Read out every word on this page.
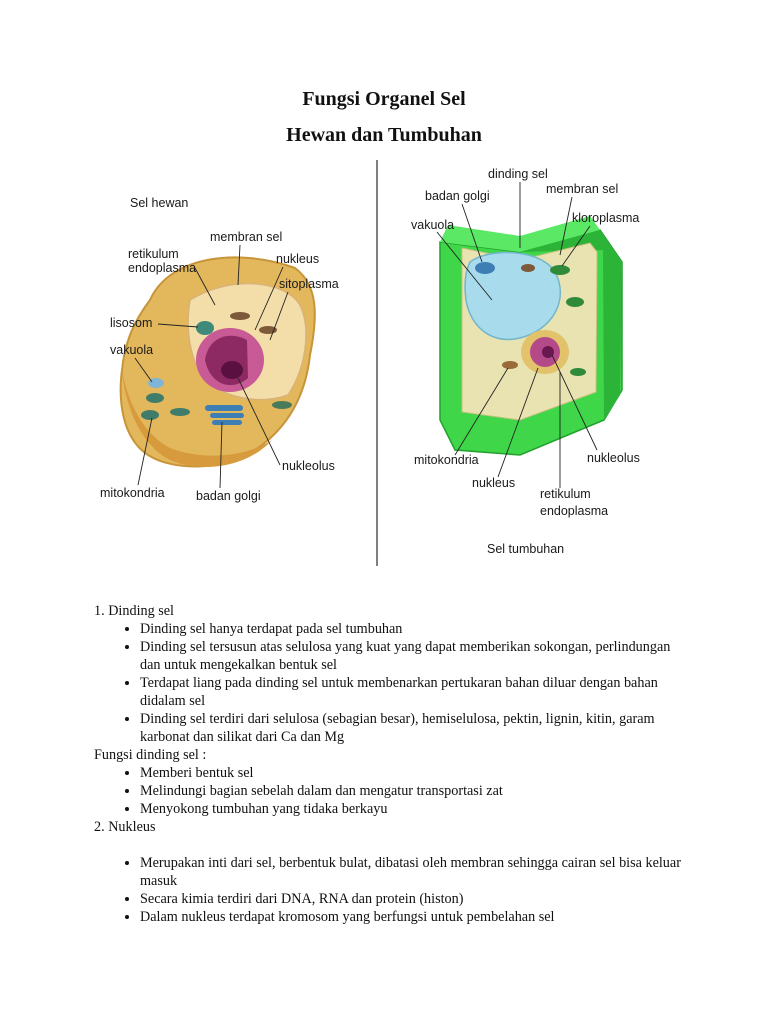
Fungsi Organel Sel
Hewan dan Tumbuhan
Sel hewan
membran sel
retikulum
endoplasma
nukleus
sitoplasma
lisosom
vakuola
nukleolus
mitokondria	badan golgi
dinding sel
badan golgi	membran sel
vakuola	kloroplasma
mitokondria	nukleolus
nukleus
retikulum
endoplasma
Sel tumbuhan
1. Dinding sel
• Dinding sel hanya terdapat pada sel tumbuhan
• Dinding sel tersusun atas selulosa yang kuat yang dapat memberikan sokongan, perlindungan dan untuk mengekalkan bentuk sel
• Terdapat liang pada dinding sel untuk membenarkan pertukaran bahan diluar dengan bahan didalam sel
• Dinding sel terdiri dari selulosa (sebagian besar), hemiselulosa, pektin, lignin, kitin, garam karbonat dan silikat dari Ca dan Mg
Fungsi dinding sel :
• Memberi bentuk sel
• Melindungi bagian sebelah dalam dan mengatur transportasi zat
• Menyokong tumbuhan yang tidaka berkayu
2. Nukleus
• Merupakan inti dari sel, berbentuk bulat, dibatasi oleh membran sehingga cairan sel bisa keluar masuk
• Secara kimia terdiri dari DNA, RNA dan protein (histon)
• Dalam nukleus terdapat kromosom yang berfungsi untuk pembelahan sel
